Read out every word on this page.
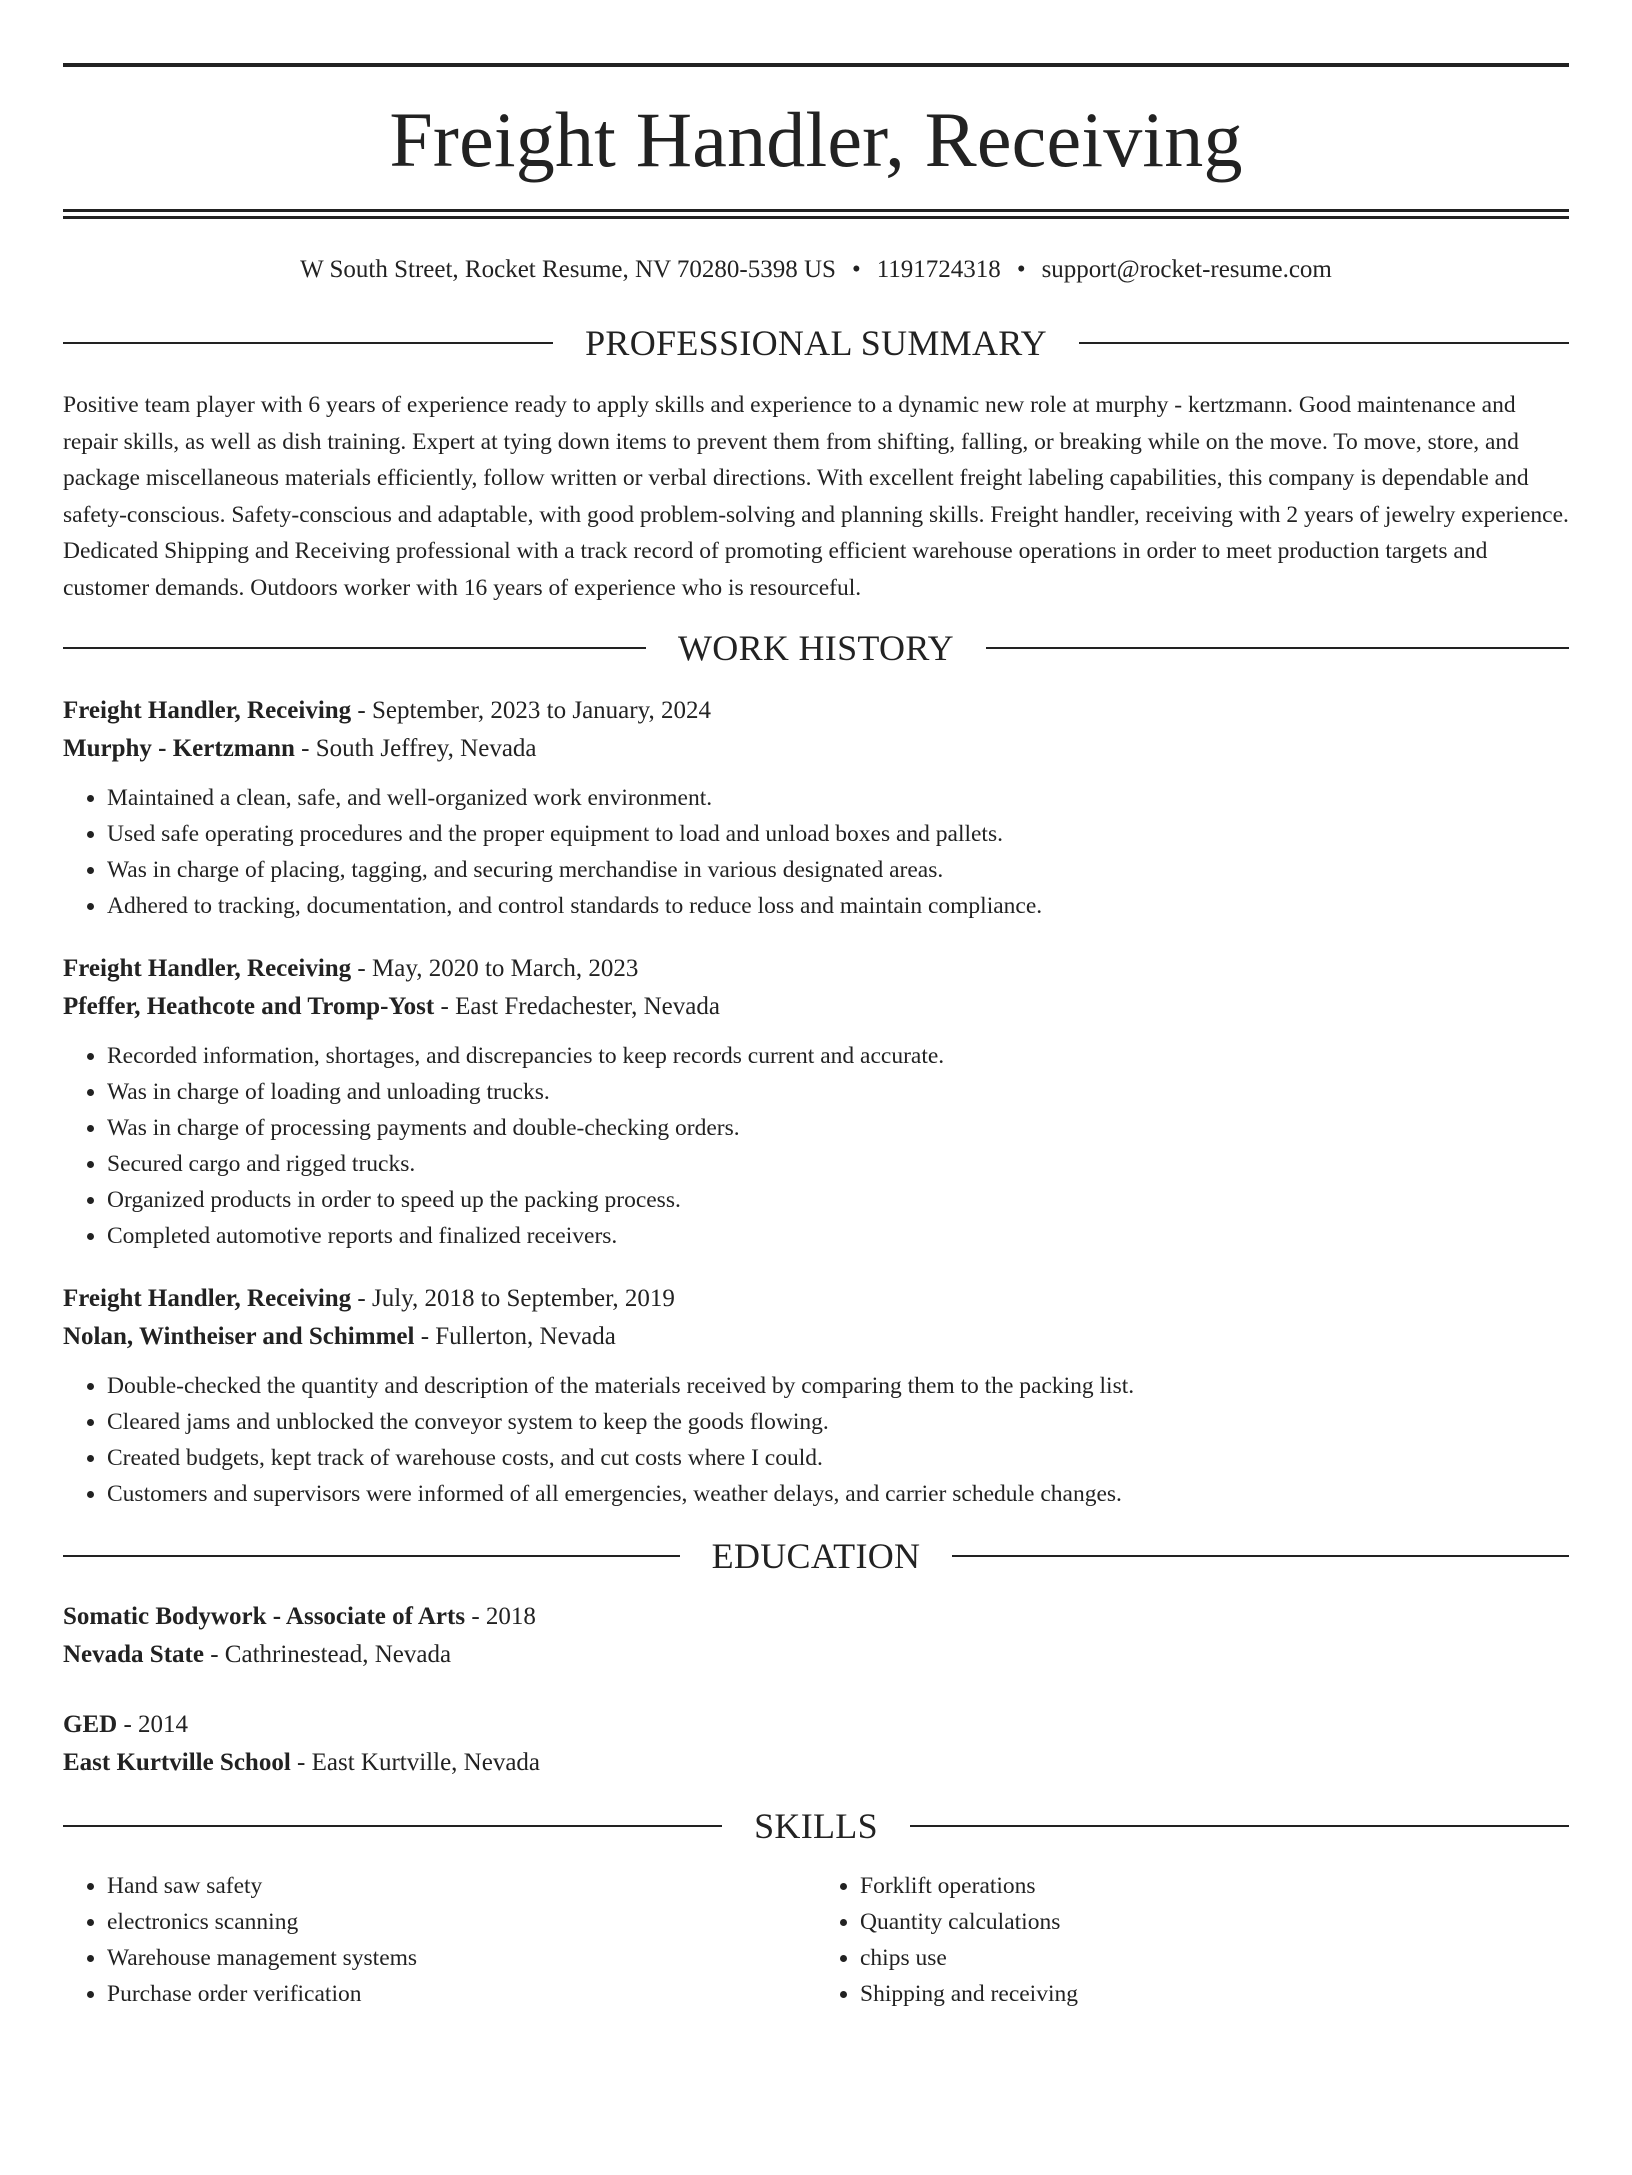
Freight Handler, Receiving
W South Street, Rocket Resume, NV 70280-5398 US • 1191724318 • support@rocket-resume.com
PROFESSIONAL SUMMARY

Positive team player with 6 years of experience ready to apply skills and experience to a dynamic new role at murphy - kertzmann. Good maintenance and repair skills, as well as dish training. Expert at tying down items to prevent them from shifting, falling, or breaking while on the move. To move, store, and package miscellaneous materials efficiently, follow written or verbal directions. With excellent freight labeling capabilities, this company is dependable and safety-conscious. Safety-conscious and adaptable, with good problem-solving and planning skills. Freight handler, receiving with 2 years of jewelry experience. Dedicated Shipping and Receiving professional with a track record of promoting efficient warehouse operations in order to meet production targets and customer demands. Outdoors worker with 16 years of experience who is resourceful.

WORK HISTORY
Freight Handler, Receiving - September, 2023 to January, 2024
Murphy - Kertzmann - South Jeffrey, Nevada
• Maintained a clean, safe, and well-organized work environment.
• Used safe operating procedures and the proper equipment to load and unload boxes and pallets.
• Was in charge of placing, tagging, and securing merchandise in various designated areas.
• Adhered to tracking, documentation, and control standards to reduce loss and maintain compliance.
Freight Handler, Receiving - May, 2020 to March, 2023
Pfeffer, Heathcote and Tromp-Yost - East Fredachester, Nevada
• Recorded information, shortages, and discrepancies to keep records current and accurate.
• Was in charge of loading and unloading trucks.
• Was in charge of processing payments and double-checking orders.
• Secured cargo and rigged trucks.
• Organized products in order to speed up the packing process.
• Completed automotive reports and finalized receivers.
Freight Handler, Receiving - July, 2018 to September, 2019
Nolan, Wintheiser and Schimmel - Fullerton, Nevada
• Double-checked the quantity and description of the materials received by comparing them to the packing list.
• Cleared jams and unblocked the conveyor system to keep the goods flowing.
• Created budgets, kept track of warehouse costs, and cut costs where I could.
• Customers and supervisors were informed of all emergencies, weather delays, and carrier schedule changes.
EDUCATION
Somatic Bodywork - Associate of Arts - 2018
Nevada State - Cathrinestead, Nevada
GED - 2014
East Kurtville School - East Kurtville, Nevada
SKILLS
• Hand saw safety
• electronics scanning
• Warehouse management systems
• Purchase order verification
• Forklift operations
• Quantity calculations
• chips use
• Shipping and receiving
